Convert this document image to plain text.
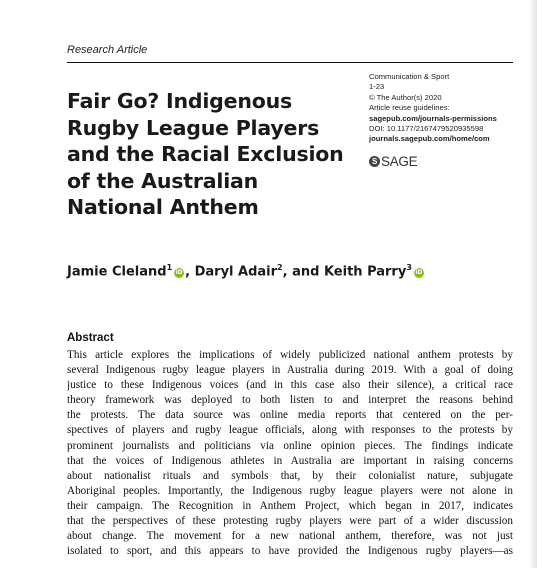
Research Article
Fair Go? Indigenous Rugby League Players and the Racial Exclusion of the Australian National Anthem
Communication & Sport
1-23
© The Author(s) 2020
Article reuse guidelines:
sagepub.com/journals-permissions
DOI: 10.1177/2167479520935598
journals.sagepub.com/home/com
S SAGE
Jamie Cleland$^1$iD , Daryl Adair$^2$, and Keith Parry$^3$iD
Abstract
This article explores the implications of widely publicized national anthem protests by
several Indigenous rugby league players in Australia during 2019. With a goal of doing
justice to these Indigenous voices (and in this case also their silence), a critical race
theory framework was deployed to both listen to and interpret the reasons behind
the protests. The data source was online media reports that centered on the per-
spectives of players and rugby league officials, along with responses to the protests by
prominent journalists and politicians via online opinion pieces. The findings indicate
that the voices of Indigenous athletes in Australia are important in raising concerns
about nationalist rituals and symbols that, by their colonialist nature, subjugate
Aboriginal peoples. Importantly, the Indigenous rugby league players were not alone in
their campaign. The Recognition in Anthem Project, which began in 2017, indicates
that the perspectives of these protesting rugby players were part of a wider discussion
about change. The movement for a new national anthem, therefore, was not just
isolated to sport, and this appears to have provided the Indigenous rugby players—as
